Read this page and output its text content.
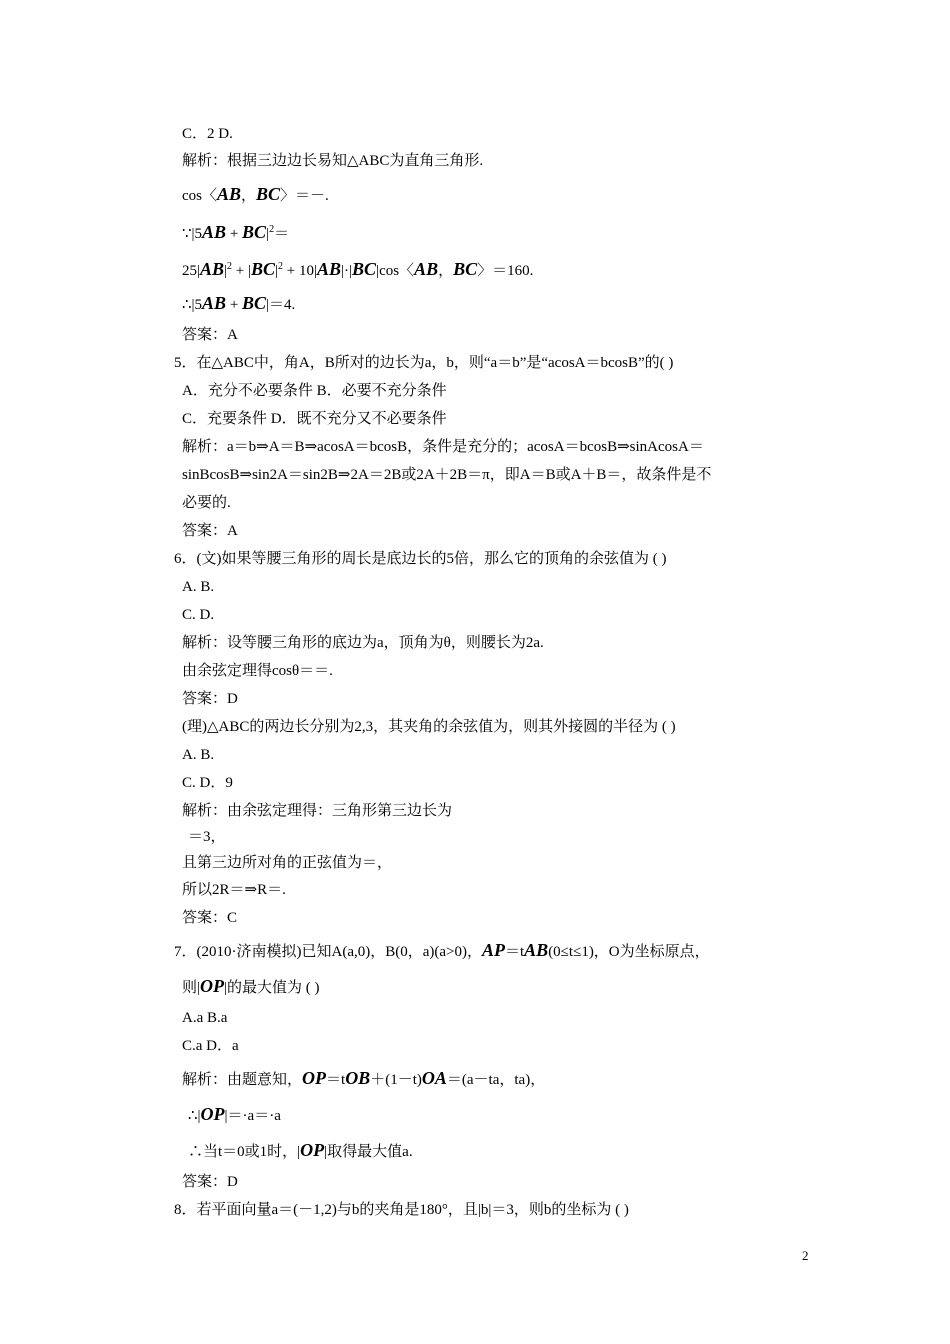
C．2 D.
解析：根据三边边长易知△ABC为直角三角形.
cos〈AB，BC〉＝－.
∵|5AB + $BC|^2=$
$25|AB|^2 + |BC|^2 + 10|AB|\cdot|BC|\cos$〈AB，BC〉＝160.
∴|5AB + BC|＝4.
答案：A
5．在△ABC中，角A，B所对的边长为a，b，则“a＝b”是“acosA＝bcosB”的( )
A．充分不必要条件 B．必要不充分条件
C．充要条件 D．既不充分又不必要条件
解析：a＝b⇒A＝B⇒acosA＝bcosB，条件是充分的；acosA＝bcosB⇒sinAcosA＝
sinBcosB⇒sin2A＝sin2B⇒2A＝2B或2A＋2B＝π，即A＝B或A＋B＝，故条件是不
必要的.
答案：A
6．(文)如果等腰三角形的周长是底边长的5倍，那么它的顶角的余弦值为 ( )
A. B.
C. D.
解析：设等腰三角形的底边为a，顶角为θ，则腰长为2a.
由余弦定理得cosθ＝＝.
答案：D
(理)△ABC的两边长分别为2,3，其夹角的余弦值为，则其外接圆的半径为 ( )
A. B.
C. D．9
解析：由余弦定理得：三角形第三边长为
＝3，
且第三边所对角的正弦值为＝，
所以2R＝⇒R＝.
答案：C
7．(2010·济南模拟)已知A(a,0)，B(0，a)(a>0)，AP＝tAB(0≤t≤1)，O为坐标原点，
则|OP|的最大值为 ( )
A.a B.a
C.a D．a
解析：由题意知，OP＝tOB＋(1－t)OA＝(a－ta，ta)，
∴|OP|＝·a＝·a
∴当t＝0或1时，|OP|取得最大值a.
答案：D
8．若平面向量a＝(－1,2)与b的夹角是180°，且|b|＝3，则b的坐标为 ( )
2
